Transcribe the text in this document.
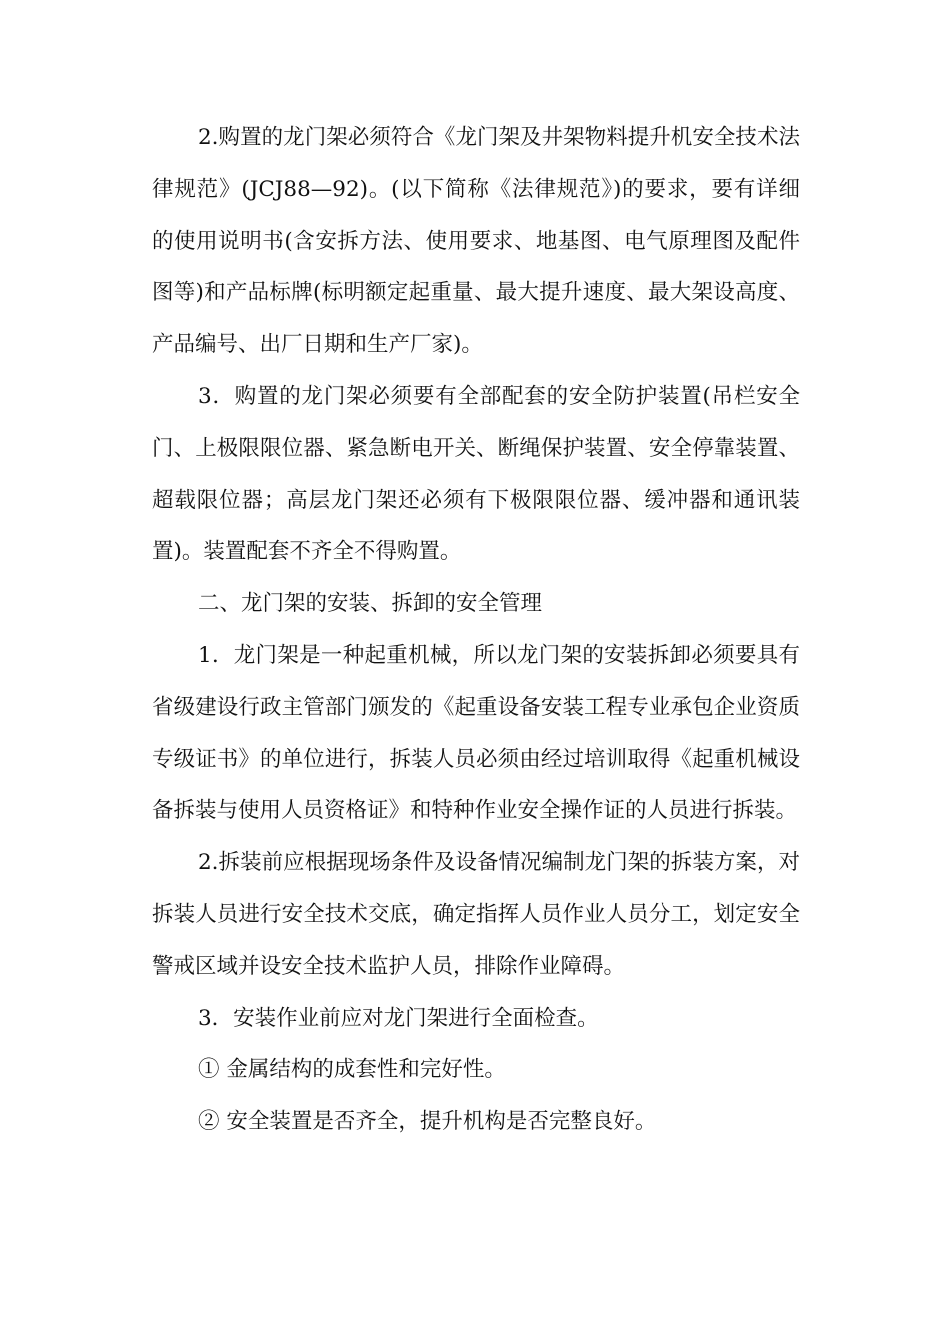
2.购置的龙门架必须符合《龙门架及井架物料提升机安全技术法律规范》(JCJ88—92)。(以下简称《法律规范》)的要求，要有详细的使用说明书(含安拆方法、使用要求、地基图、电气原理图及配件图等)和产品标牌(标明额定起重量、最大提升速度、最大架设高度、产品编号、出厂日期和生产厂家)。

3．购置的龙门架必须要有全部配套的安全防护装置(吊栏安全门、上极限限位器、紧急断电开关、断绳保护装置、安全停靠装置、超载限位器；高层龙门架还必须有下极限限位器、缓冲器和通讯装置)。装置配套不齐全不得购置。

二、龙门架的安装、拆卸的安全管理

1．龙门架是一种起重机械，所以龙门架的安装拆卸必须要具有省级建设行政主管部门颁发的《起重设备安装工程专业承包企业资质专级证书》的单位进行，拆装人员必须由经过培训取得《起重机械设备拆装与使用人员资格证》和特种作业安全操作证的人员进行拆装。

2.拆装前应根据现场条件及设备情况编制龙门架的拆装方案，对拆装人员进行安全技术交底，确定指挥人员作业人员分工，划定安全警戒区域并设安全技术监护人员，排除作业障碍。

3．安装作业前应对龙门架进行全面检查。

① 金属结构的成套性和完好性。

② 安全装置是否齐全，提升机构是否完整良好。
